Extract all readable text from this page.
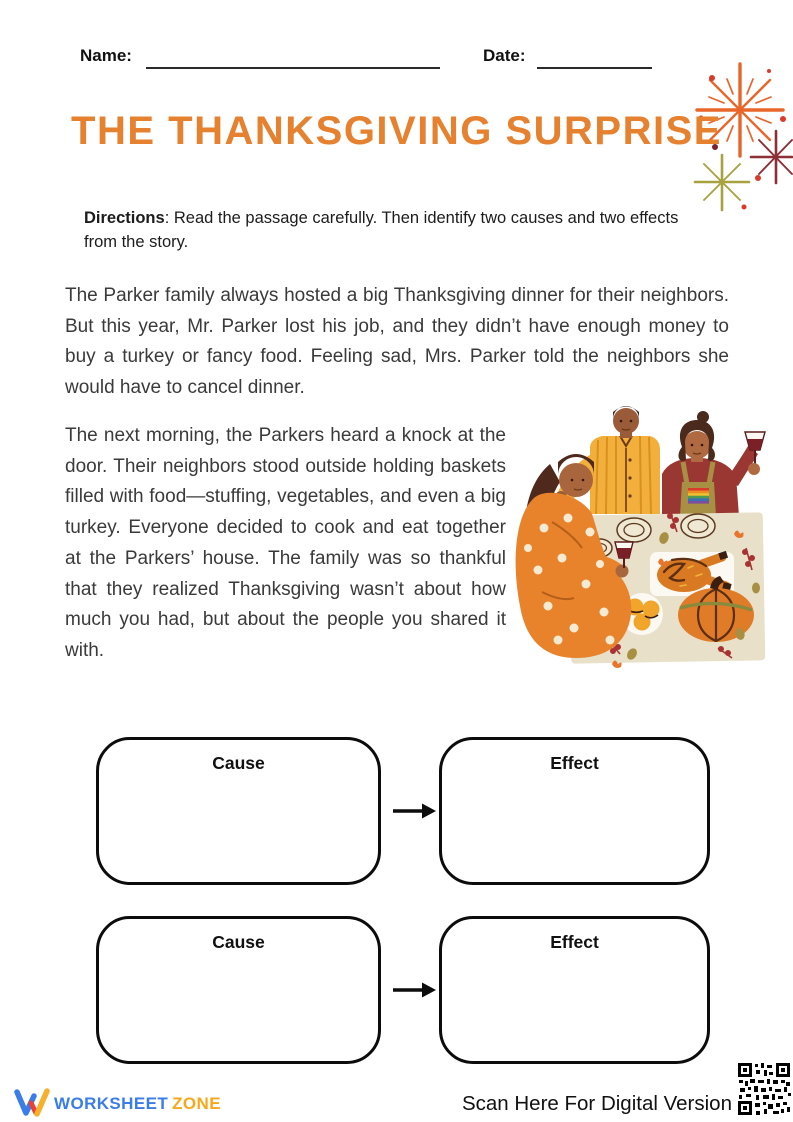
Name:	Date:
THE THANKSGIVING SURPRISE

Directions: Read the passage carefully. Then identify two causes and two effects from the story.

The Parker family always hosted a big Thanksgiving dinner for their neighbors. But this year, Mr. Parker lost his job, and they didn’t have enough money to buy a turkey or fancy food. Feeling sad, Mrs. Parker told the neighbors she would have to cancel dinner.

The next morning, the Parkers heard a knock at the door. Their neighbors stood outside holding baskets filled with food—stuffing, vegetables, and even a big turkey. Everyone decided to cook and eat together at the Parkers’ house. The family was so thankful that they realized Thanksgiving wasn’t about how much you had, but about the people you shared it with.

Cause	Effect
Cause	Effect
WORKSHEET ZONE	Scan Here For Digital Version
